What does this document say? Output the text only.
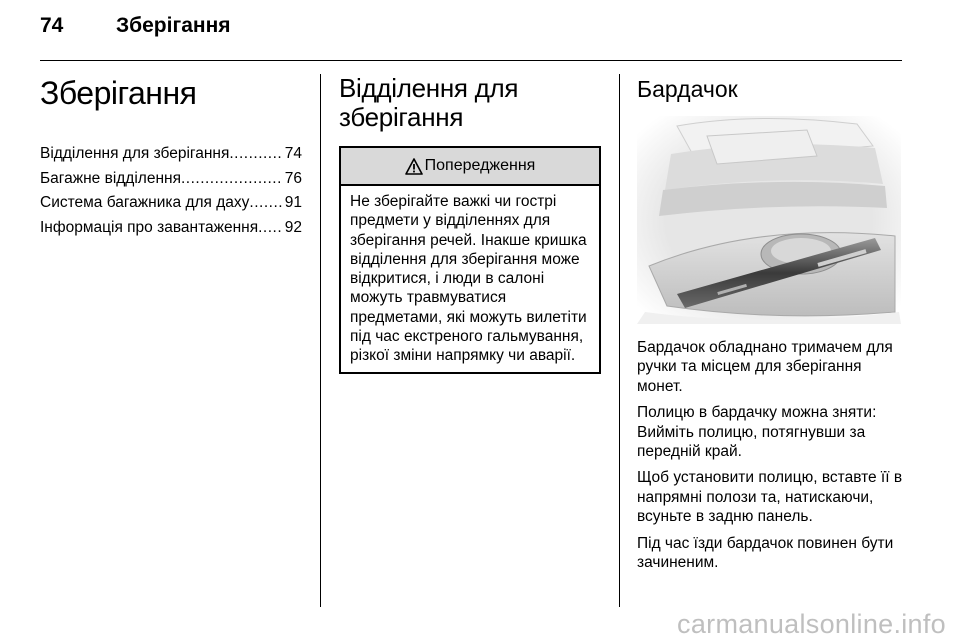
74	Зберігання
Зберігання
Відділення для зберігання .....	74
Багажне відділення .....	76
Система багажника для даху ..... 91
Інформація про завантаження ..... 92
Відділення для
зберігання
Попередження
Не зберігайте важкі чи гострі предмети у відділеннях для зберігання речей. Інакше кришка відділення для зберігання може відкритися, і люди в салоні можуть травмуватися предметами, які можуть вилетіти під час екстреного гальмування, різкої зміни напрямку чи аварії.
Бардачок

Бардачок обладнано тримачем для ручки та місцем для зберігання монет.

Полицю в бардачку можна зняти: Вийміть полицю, потягнувши за передній край.

Щоб установити полицю, вставте її в напрямні полози та, натискаючи, всуньте в задню панель.

Під час їзди бардачок повинен бути зачиненим.

carmanualsonline.info
